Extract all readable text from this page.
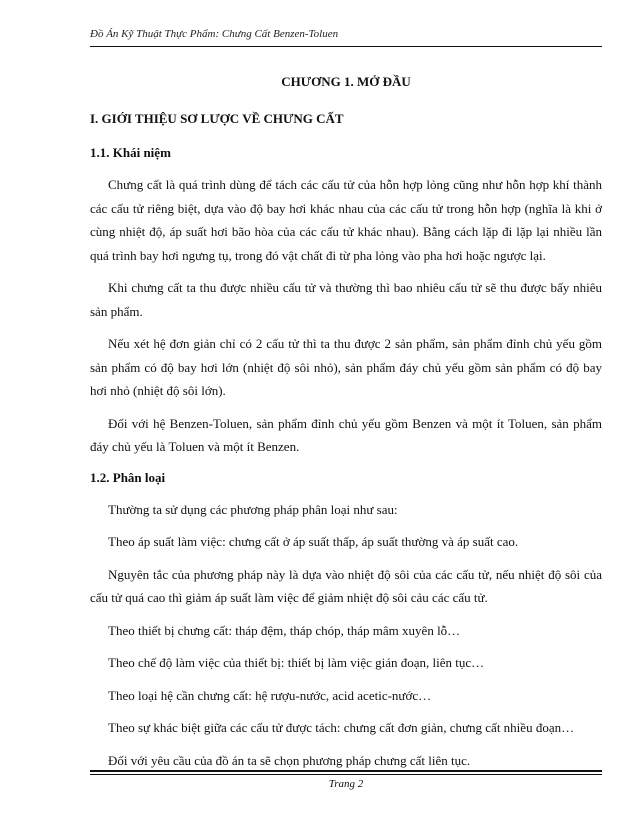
Đồ Án Kỹ Thuật Thực Phẩm: Chưng Cất Benzen-Toluen
CHƯƠNG 1. MỞ ĐẦU
I. GIỚI THIỆU SƠ LƯỢC VỀ CHƯNG CẤT
1.1. Khái niệm

Chưng cất là quá trình dùng để tách các cấu tử của hỗn hợp lỏng cũng như hỗn hợp khí thành các cấu tử riêng biệt, dựa vào độ bay hơi khác nhau của các cấu tử trong hỗn hợp (nghĩa là khi ở cùng nhiệt độ, áp suất hơi bão hòa của các cấu tử khác nhau). Bằng cách lặp đi lặp lại nhiều lần quá trình bay hơi ngưng tụ, trong đó vật chất đi từ pha lỏng vào pha hơi hoặc ngược lại.

Khi chưng cất ta thu được nhiều cấu tử và thường thì bao nhiêu cấu tử sẽ thu được bấy nhiêu sản phẩm.

Nếu xét hệ đơn giản chỉ có 2 cấu tử thì ta thu được 2 sản phẩm, sản phẩm đỉnh chủ yếu gồm sản phẩm có độ bay hơi lớn (nhiệt độ sôi nhỏ), sản phẩm đáy chủ yếu gồm sản phẩm có độ bay hơi nhỏ (nhiệt độ sôi lớn).

Đối với hệ Benzen-Toluen, sản phẩm đỉnh chủ yếu gồm Benzen và một ít Toluen, sản phẩm đáy chủ yếu là Toluen và một ít Benzen.

1.2. Phân loại

Thường ta sử dụng các phương pháp phân loại như sau:

Theo áp suất làm việc: chưng cất ở áp suất thấp, áp suất thường và áp suất cao.

Nguyên tắc của phương pháp này là dựa vào nhiệt độ sôi của các cấu tử, nếu nhiệt độ sôi của cấu tử quá cao thì giảm áp suất làm việc để giảm nhiệt độ sôi cảu các cấu tử.

Theo thiết bị chưng cất: tháp đệm, tháp chóp, tháp mâm xuyên lỗ…

Theo chế độ làm việc của thiết bị: thiết bị làm việc gián đoạn, liên tục…

Theo loại hệ cần chưng cất: hệ rượu-nước, acid acetic-nước…

Theo sự khác biệt giữa các cấu tử được tách: chưng cất đơn giản, chưng cất nhiều đoạn…

Đối với yêu cầu của đồ án ta sẽ chọn phương pháp chưng cất liên tục.

Trang 2
